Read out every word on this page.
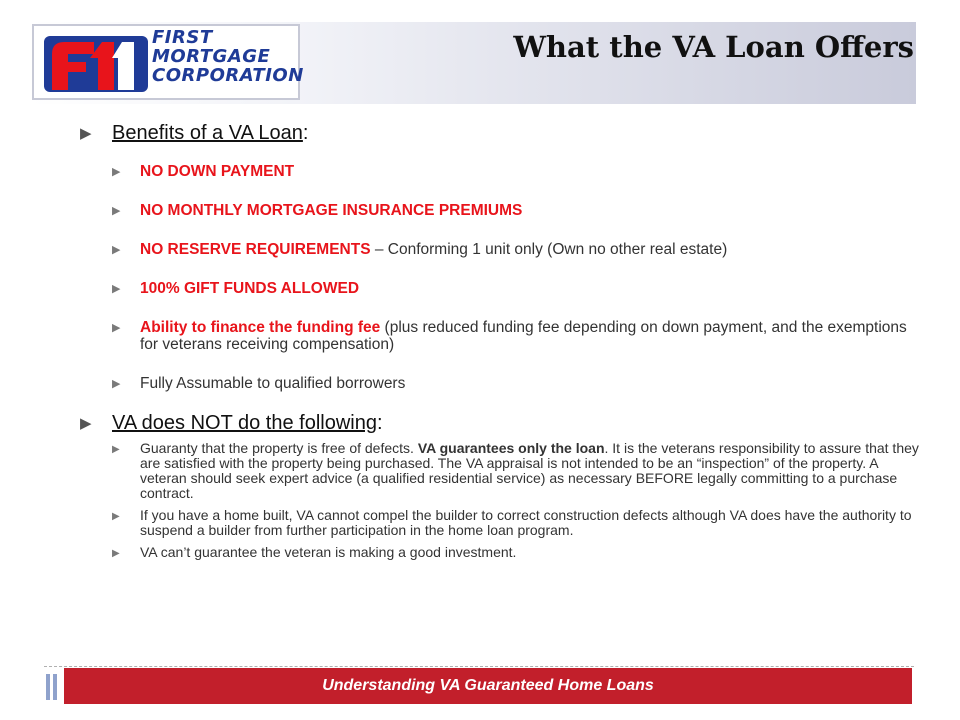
FIRST
MORTGAGE
CORPORATION
What the VA Loan Offers
▶ Benefits of a VA Loan:
▶ NO DOWN PAYMENT
▶ NO MONTHLY MORTGAGE INSURANCE PREMIUMS
▶ NO RESERVE REQUIREMENTS – Conforming 1 unit only (Own no other real estate)
▶ 100% GIFT FUNDS ALLOWED
▶ Ability to finance the funding fee (plus reduced funding fee depending on down payment, and the exemptions for veterans receiving compensation)
▶ Fully Assumable to qualified borrowers
▶ VA does NOT do the following:
▶ Guaranty that the property is free of defects. VA guarantees only the loan. It is the veterans responsibility to assure that they are satisfied with the property being purchased. The VA appraisal is not intended to be an “inspection” of the property. A veteran should seek expert advice (a qualified residential service) as necessary BEFORE legally committing to a purchase contract.
▶ If you have a home built, VA cannot compel the builder to correct construction defects although VA does have the authority to suspend a builder from further participation in the home loan program.
▶ VA can’t guarantee the veteran is making a good investment.
Understanding VA Guaranteed Home Loans
